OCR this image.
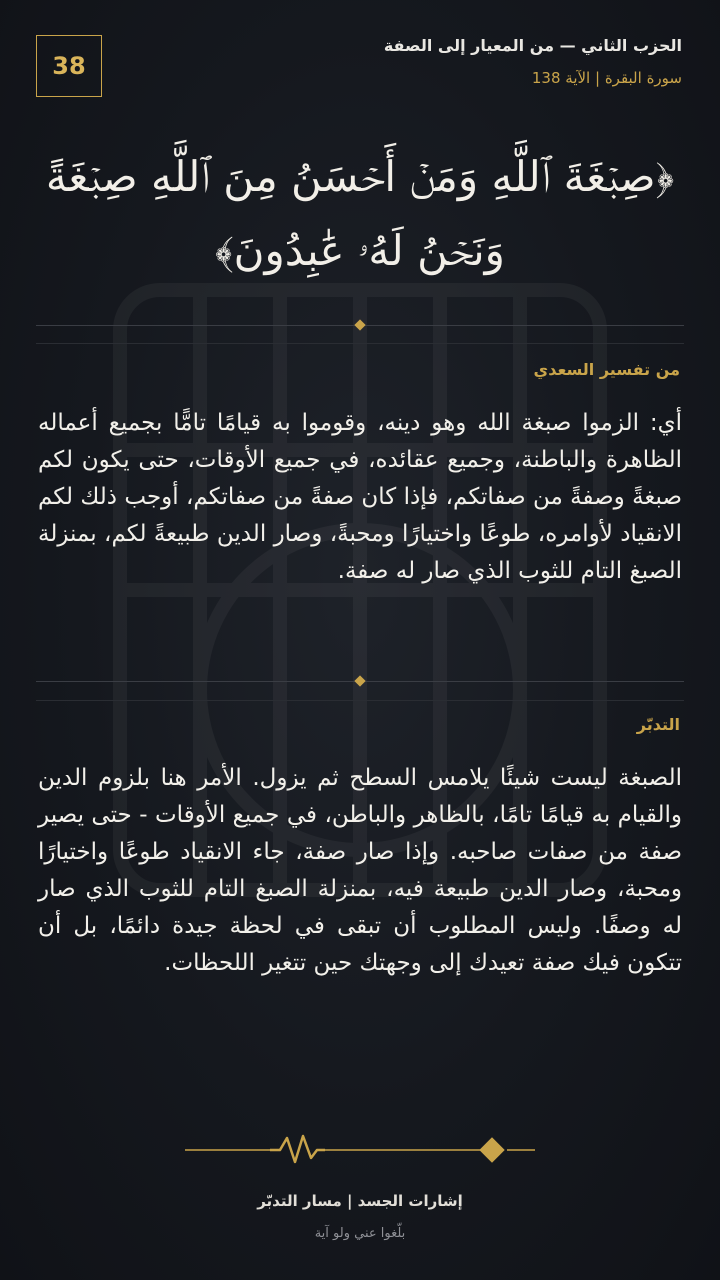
38
الحزب الثاني — من المعيار إلى الصفة
سورة البقرة | الآية 138
﴿صِبۡغَةَ ٱللَّهِ وَمَنۡ أَحۡسَنُ مِنَ ٱللَّهِ صِبۡغَةً وَنَحۡنُ لَهُۥ عَٰبِدُونَ﴾
من تفسير السعدي
أي: الزموا صبغة الله وهو دينه، وقوموا به قيامًا تامًّا بجميع أعماله الظاهرة والباطنة، وجميع عقائده، في جميع الأوقات، حتى يكون لكم صبغةً وصفةً من صفاتكم، فإذا كان صفةً من صفاتكم، أوجب ذلك لكم الانقياد لأوامره، طوعًا واختيارًا ومحبةً، وصار الدين طبيعةً لكم، بمنزلة الصبغ التام للثوب الذي صار له صفة.
التدبّر
الصبغة ليست شيئًا يلامس السطح ثم يزول. الأمر هنا بلزوم الدين والقيام به قيامًا تامًا، بالظاهر والباطن، في جميع الأوقات - حتى يصير صفة من صفات صاحبه. وإذا صار صفة، جاء الانقياد طوعًا واختيارًا ومحبة، وصار الدين طبيعة فيه، بمنزلة الصبغ التام للثوب الذي صار له وصفًا. وليس المطلوب أن تبقى في لحظة جيدة دائمًا، بل أن تتكون فيك صفة تعيدك إلى وجهتك حين تتغير اللحظات.
إشارات الجسد | مسار التدبّر
بلّغوا عني ولو آية
